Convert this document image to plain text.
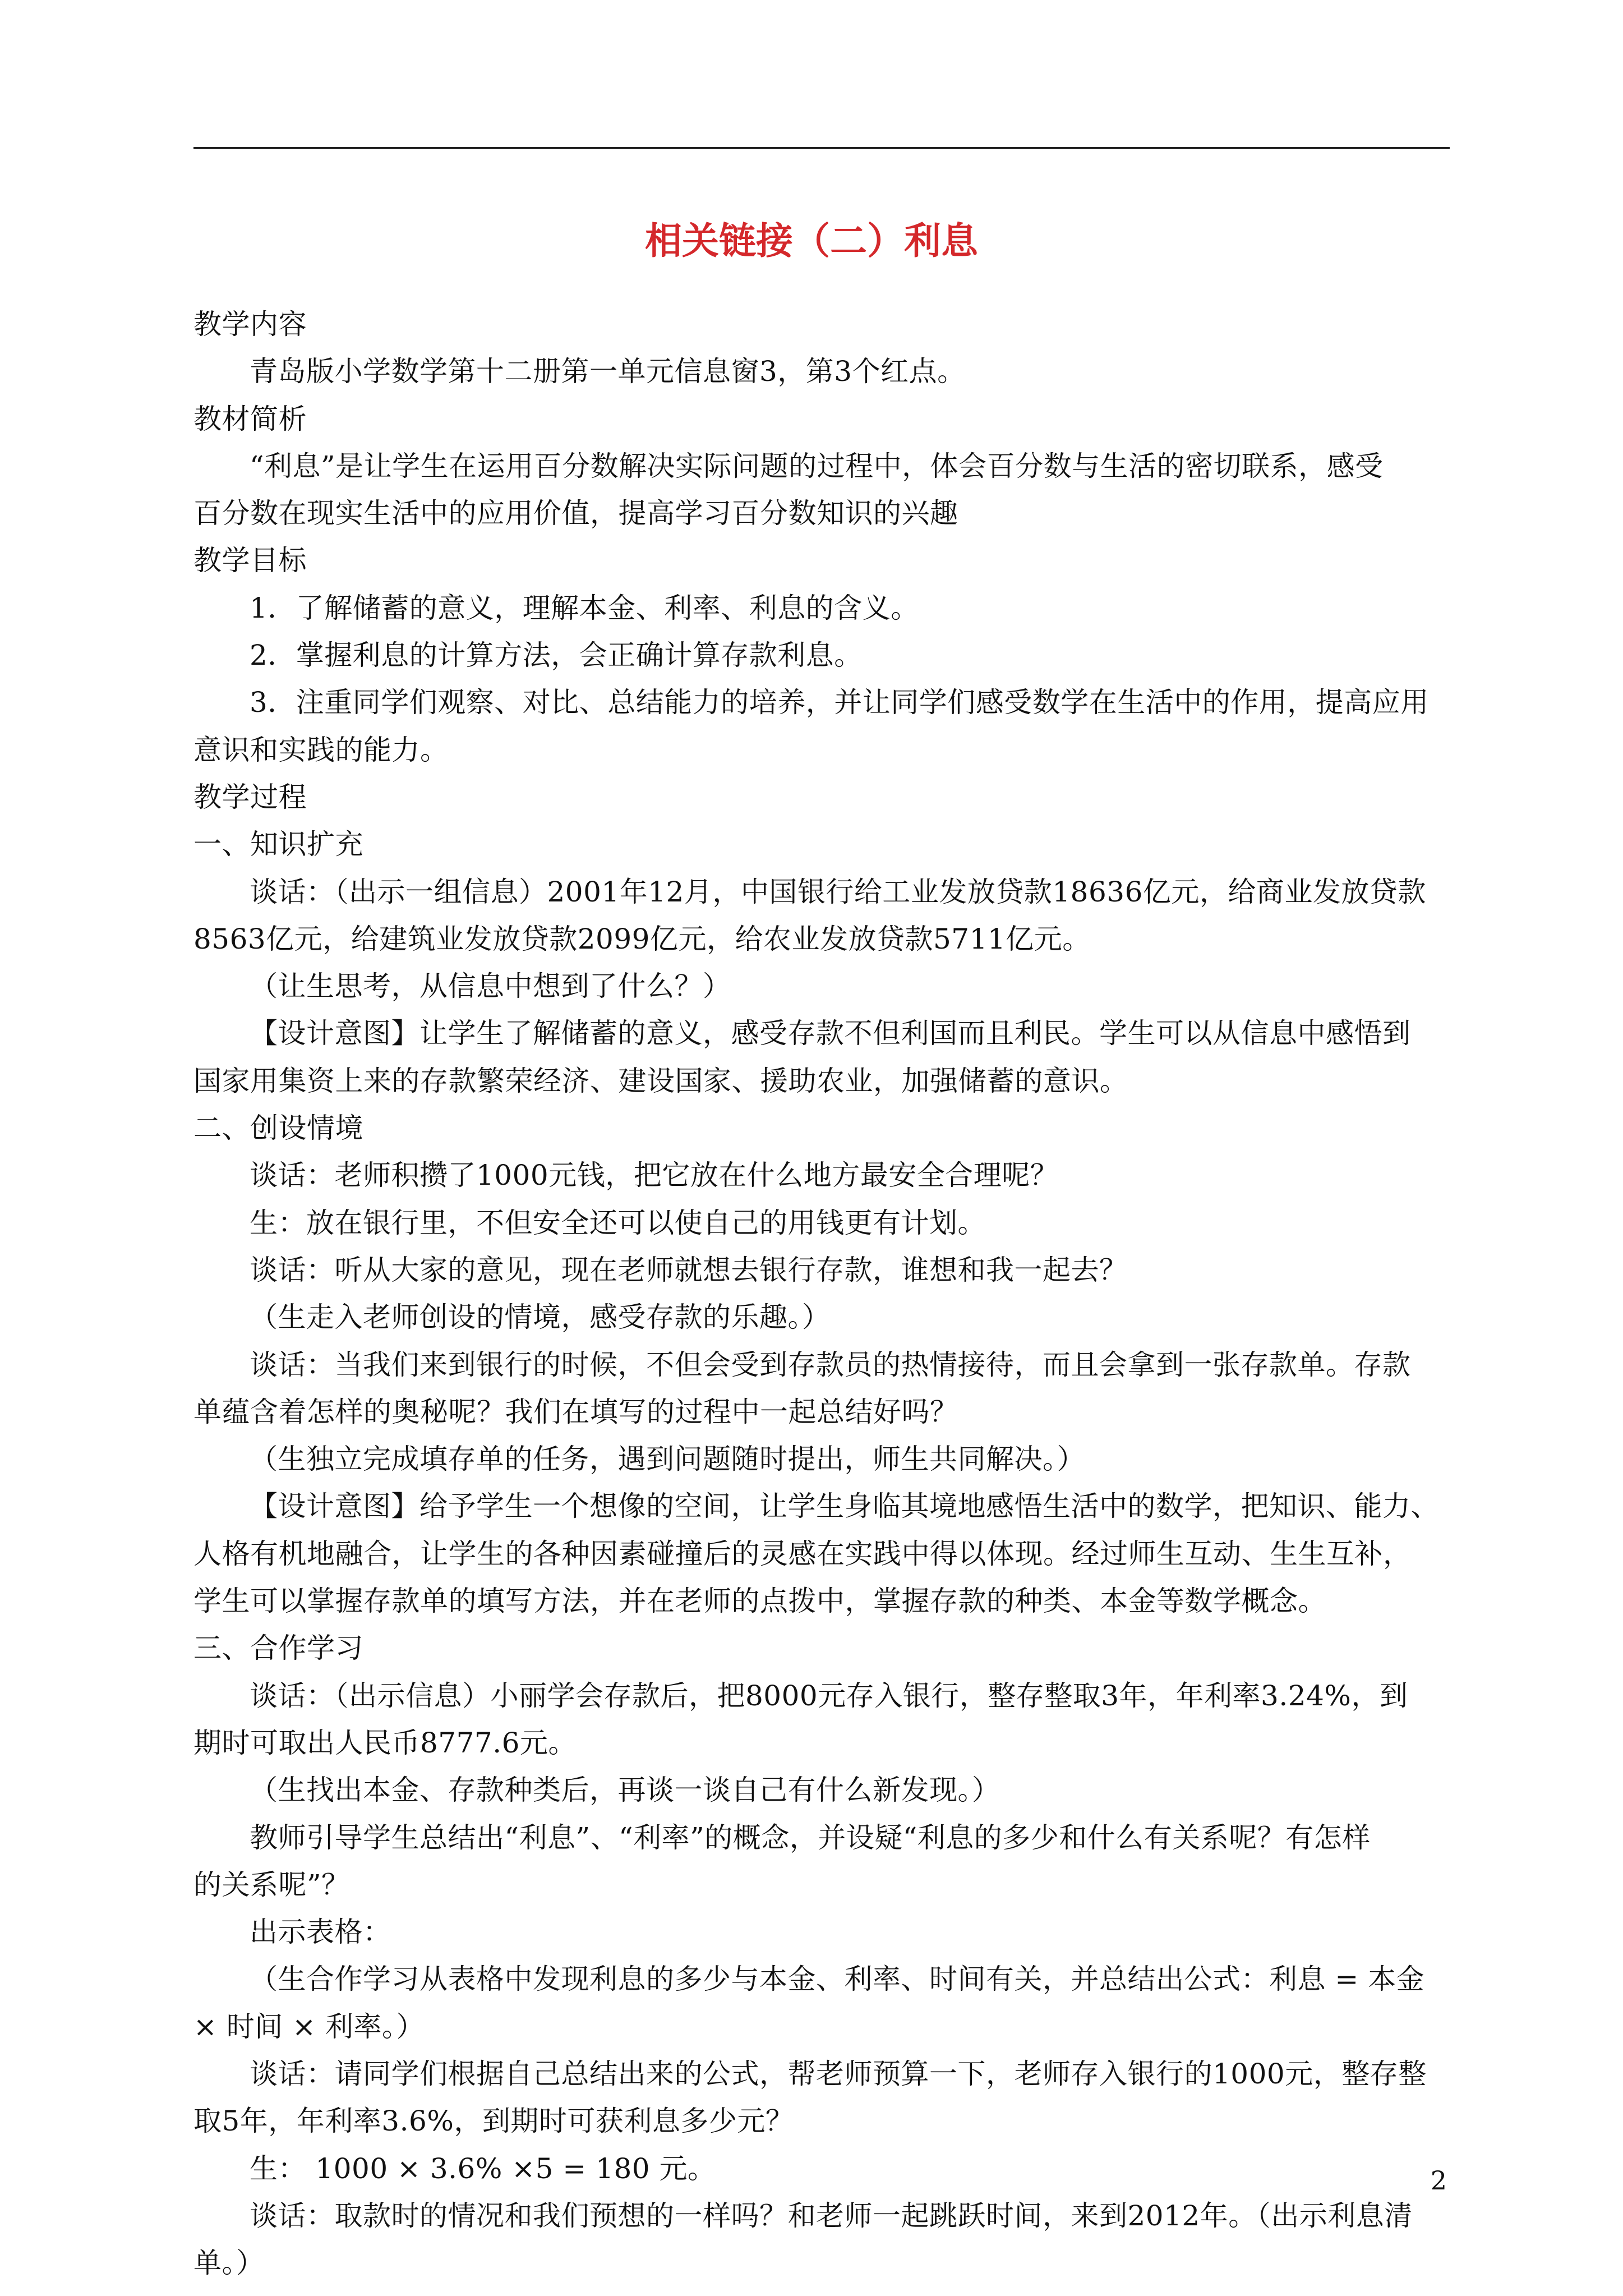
相关链接（二）利息

教学内容

青岛版小学数学第十二册第一单元信息窗3，第3个红点。

教材简析

“利息”是让学生在运用百分数解决实际问题的过程中，体会百分数与生活的密切联系，感受

百分数在现实生活中的应用价值，提高学习百分数知识的兴趣

教学目标

1．了解储蓄的意义，理解本金、利率、利息的含义。

2．掌握利息的计算方法，会正确计算存款利息。

3．注重同学们观察、对比、总结能力的培养，并让同学们感受数学在生活中的作用，提高应用

意识和实践的能力。

教学过程

一、知识扩充

谈话：（出示一组信息）2001年12月，中国银行给工业发放贷款18636亿元，给商业发放贷款

8563亿元，给建筑业发放贷款2099亿元，给农业发放贷款5711亿元。

（让生思考，从信息中想到了什么？）

【设计意图】让学生了解储蓄的意义，感受存款不但利国而且利民。学生可以从信息中感悟到

国家用集资上来的存款繁荣经济、建设国家、援助农业，加强储蓄的意识。

二、创设情境

谈话：老师积攒了1000元钱，把它放在什么地方最安全合理呢？

生：放在银行里，不但安全还可以使自己的用钱更有计划。

谈话：听从大家的意见，现在老师就想去银行存款，谁想和我一起去？

（生走入老师创设的情境，感受存款的乐趣。）

谈话：当我们来到银行的时候，不但会受到存款员的热情接待，而且会拿到一张存款单。存款

单蕴含着怎样的奥秘呢？我们在填写的过程中一起总结好吗？

（生独立完成填存单的任务，遇到问题随时提出，师生共同解决。）

【设计意图】给予学生一个想像的空间，让学生身临其境地感悟生活中的数学，把知识、能力、

人格有机地融合，让学生的各种因素碰撞后的灵感在实践中得以体现。经过师生互动、生生互补，

学生可以掌握存款单的填写方法，并在老师的点拨中，掌握存款的种类、本金等数学概念。

三、合作学习

谈话：（出示信息）小丽学会存款后，把8000元存入银行，整存整取3年，年利率3.24%，到

期时可取出人民币8777.6元。

（生找出本金、存款种类后，再谈一谈自己有什么新发现。）

教师引导学生总结出“利息”、“利率”的概念，并设疑“利息的多少和什么有关系呢？有怎样

的关系呢”？

出示表格：

（生合作学习从表格中发现利息的多少与本金、利率、时间有关，并总结出公式：利息 = 本金

× 时间 × 利率。）

谈话：请同学们根据自己总结出来的公式，帮老师预算一下，老师存入银行的1000元，整存整

取5年，年利率3.6%，到期时可获利息多少元？

生： 1000 × 3.6% ×5 = 180 元。

谈话：取款时的情况和我们预想的一样吗？和老师一起跳跃时间，来到2012年。（出示利息清

单。）

2
